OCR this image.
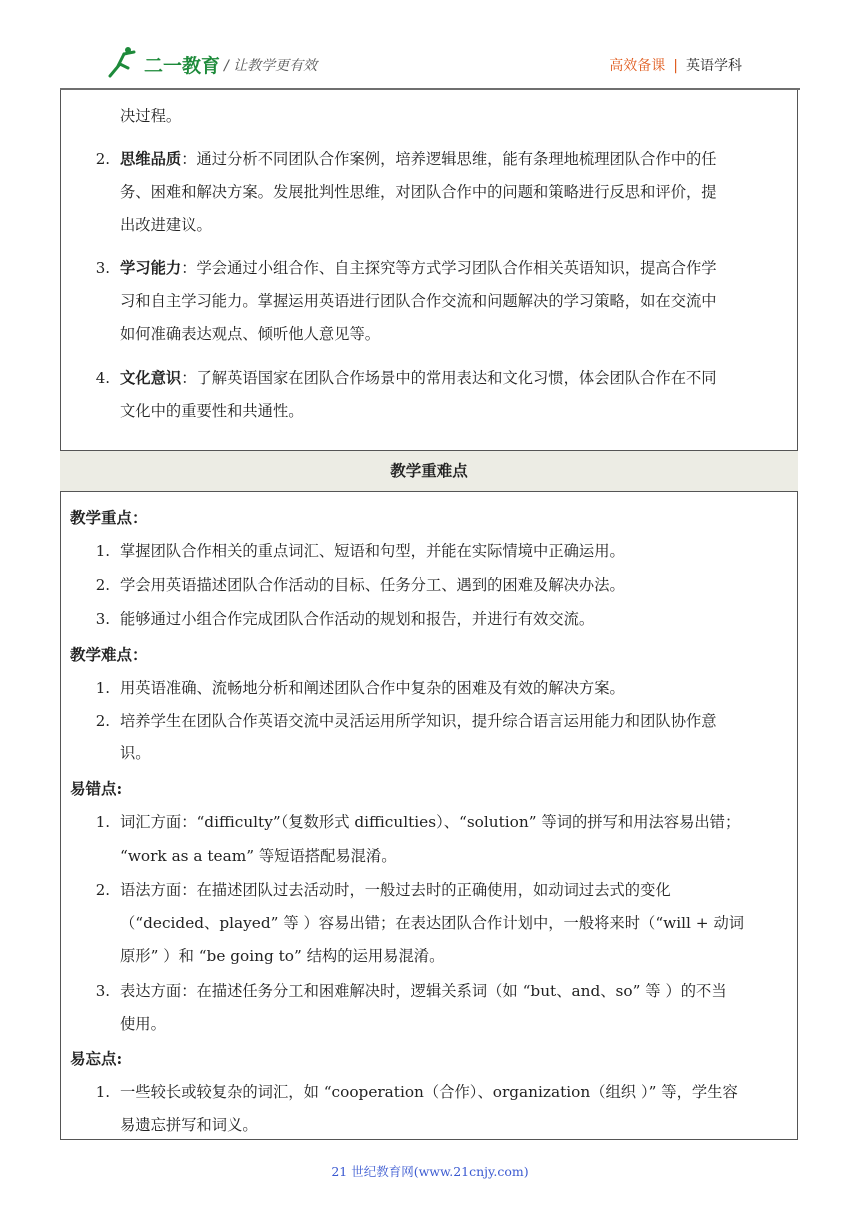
二一教育 / 让教学更有效	高效备课 | 英语学科
决过程。
2. 思维品质：通过分析不同团队合作案例，培养逻辑思维，能有条理地梳理团队合作中的任
务、困难和解决方案。发展批判性思维，对团队合作中的问题和策略进行反思和评价，提
出改进建议。
3. 学习能力：学会通过小组合作、自主探究等方式学习团队合作相关英语知识，提高合作学
习和自主学习能力。掌握运用英语进行团队合作交流和问题解决的学习策略，如在交流中
如何准确表达观点、倾听他人意见等。
4. 文化意识：了解英语国家在团队合作场景中的常用表达和文化习惯，体会团队合作在不同
文化中的重要性和共通性。
教学重难点
教学重点：
1. 掌握团队合作相关的重点词汇、短语和句型，并能在实际情境中正确运用。
2. 学会用英语描述团队合作活动的目标、任务分工、遇到的困难及解决办法。
3. 能够通过小组合作完成团队合作活动的规划和报告，并进行有效交流。
教学难点：
1. 用英语准确、流畅地分析和阐述团队合作中复杂的困难及有效的解决方案。
2. 培养学生在团队合作英语交流中灵活运用所学知识，提升综合语言运用能力和团队协作意
识。
易错点:
1. 词汇方面：“difficulty”（复数形式 difficulties）、“solution” 等词的拼写和用法容易出错；
“work as a team” 等短语搭配易混淆。
2. 语法方面：在描述团队过去活动时，一般过去时的正确使用，如动词过去式的变化
（“decided、played” 等 ）容易出错；在表达团队合作计划中，一般将来时（“will + 动词
原形” ）和 “be going to” 结构的运用易混淆。
3. 表达方面：在描述任务分工和困难解决时，逻辑关系词（如 “but、and、so” 等 ）的不当
使用。
易忘点:
1. 一些较长或较复杂的词汇，如 “cooperation（合作）、organization（组织 ）” 等，学生容
易遗忘拼写和词义。
21 世纪教育网(www.21cnjy.com)
